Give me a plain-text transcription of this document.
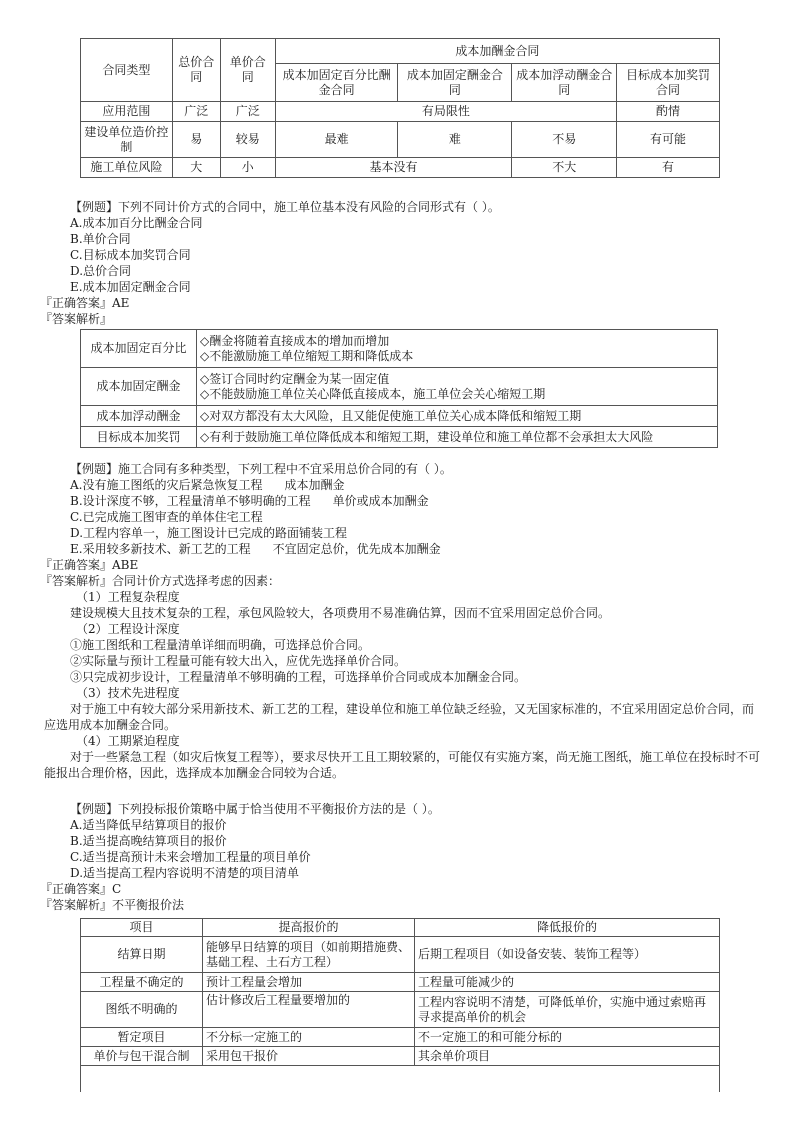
合同类型	总价合同	单价合同	成本加酬金合同			
			成本加固定百分比酬金合同	成本加固定酬金合同	成本加浮动酬金合同	目标成本加奖罚合同
应用范围	广泛	广泛	有局限性			酌情
建设单位造价控制	易	较易	最难	难	不易	有可能
施工单位风险	大	小	基本没有		不大	有
【例题】下列不同计价方式的合同中，施工单位基本没有风险的合同形式有（ ）。
A.成本加百分比酬金合同
B.单价合同
C.目标成本加奖罚合同
D.总价合同
E.成本加固定酬金合同
『正确答案』AE
『答案解析』
成本加固定百分比	◇酬金将随着直接成本的增加而增加
◇不能激励施工单位缩短工期和降低成本

成本加固定酬金	◇签订合同时约定酬金为某一固定值
◇不能鼓励施工单位关心降低直接成本，施工单位会关心缩短工期

成本加浮动酬金	◇对双方都没有太大风险，且又能促使施工单位关心成本降低和缩短工期
目标成本加奖罚	◇有利于鼓励施工单位降低成本和缩短工期，建设单位和施工单位都不会承担太大风险
【例题】施工合同有多种类型，下列工程中不宜采用总价合同的有（ ）。
A.没有施工图纸的灾后紧急恢复工程 成本加酬金
B.设计深度不够，工程量清单不够明确的工程 单价或成本加酬金
C.已完成施工图审查的单体住宅工程
D.工程内容单一，施工图设计已完成的路面铺装工程
E.采用较多新技术、新工艺的工程 不宜固定总价，优先成本加酬金
『正确答案』ABE
『答案解析』合同计价方式选择考虑的因素：
（1）工程复杂程度
建设规模大且技术复杂的工程，承包风险较大，各项费用不易准确估算，因而不宜采用固定总价合同。
（2）工程设计深度
①施工图纸和工程量清单详细而明确，可选择总价合同。
②实际量与预计工程量可能有较大出入，应优先选择单价合同。
③只完成初步设计，工程量清单不够明确的工程，可选择单价合同或成本加酬金合同。
（3）技术先进程度
对于施工中有较大部分采用新技术、新工艺的工程，建设单位和施工单位缺乏经验，又无国家标准的，不宜采用固定总价合同，而应选用成本加酬金合同。
（4）工期紧迫程度
对于一些紧急工程（如灾后恢复工程等），要求尽快开工且工期较紧的，可能仅有实施方案，尚无施工图纸，施工单位在投标时不可能报出合理价格，因此，选择成本加酬金合同较为合适。
【例题】下列投标报价策略中属于恰当使用不平衡报价方法的是（ ）。
A.适当降低早结算项目的报价
B.适当提高晚结算项目的报价
C.适当提高预计未来会增加工程量的项目单价
D.适当提高工程内容说明不清楚的项目清单
『正确答案』C
『答案解析』不平衡报价法
项目	提高报价的	降低报价的
结算日期	能够早日结算的项目（如前期措施费、基础工程、土石方工程）	后期工程项目（如设备安装、装饰工程等）
工程量不确定的	预计工程量会增加	工程量可能减少的
图纸不明确的	估计修改后工程量要增加的	工程内容说明不清楚，可降低单价，实施中通过索赔再寻求提高单价的机会
暂定项目	不分标一定施工的	不一定施工的和可能分标的
单价与包干混合制	采用包干报价	其余单价项目
